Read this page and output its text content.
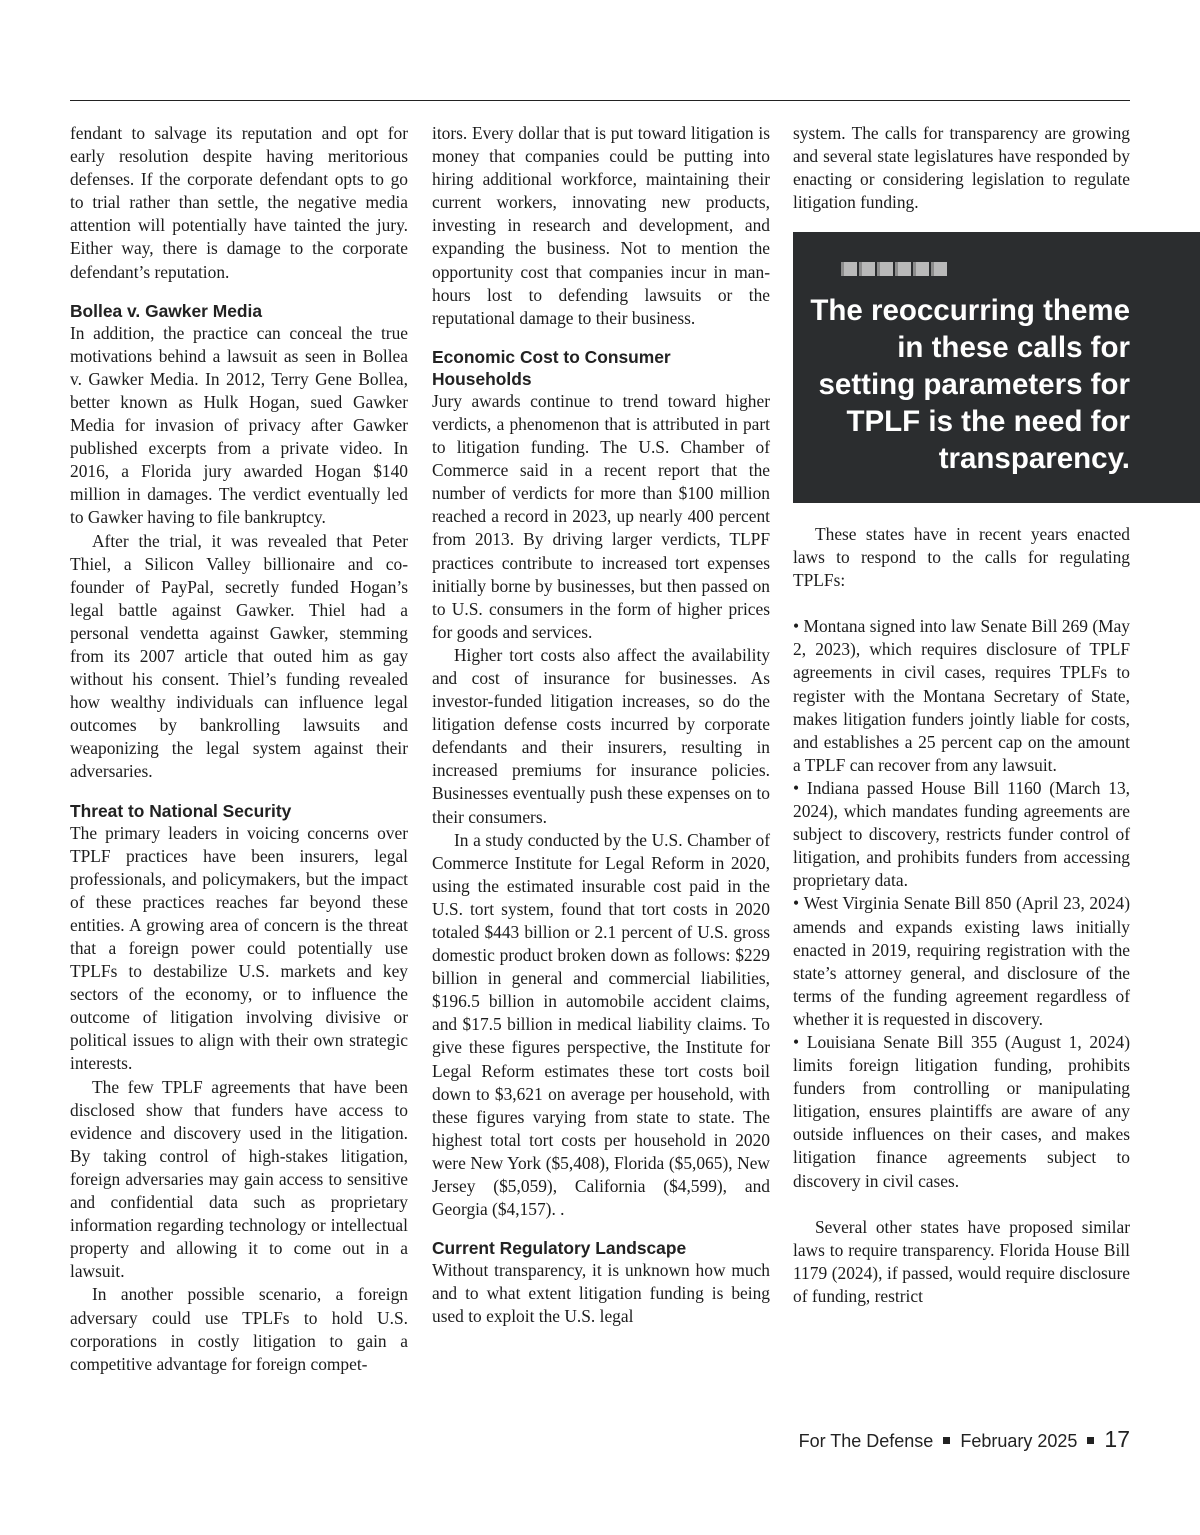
fendant to salvage its reputation and opt for early resolution despite having meritorious defenses. If the corporate defendant opts to go to trial rather than settle, the negative media attention will potentially have tainted the jury. Either way, there is damage to the corporate defendant’s reputation.

Bollea v. Gawker Media

In addition, the practice can conceal the true motivations behind a lawsuit as seen in Bollea v. Gawker Media. In 2012, Terry Gene Bollea, better known as Hulk Hogan, sued Gawker Media for invasion of privacy after Gawker published excerpts from a private video. In 2016, a Florida jury awarded Hogan $140 million in damages. The verdict eventually led to Gawker having to file bankruptcy.

After the trial, it was revealed that Peter Thiel, a Silicon Valley billionaire and co-founder of PayPal, secretly funded Hogan’s legal battle against Gawker. Thiel had a personal vendetta against Gawker, stemming from its 2007 article that outed him as gay without his consent. Thiel’s funding revealed how wealthy individuals can influence legal outcomes by bankrolling lawsuits and weaponizing the legal system against their adversaries.

Threat to National Security

The primary leaders in voicing concerns over TPLF practices have been insurers, legal professionals, and policymakers, but the impact of these practices reaches far beyond these entities. A growing area of concern is the threat that a foreign power could potentially use TPLFs to destabilize U.S. markets and key sectors of the economy, or to influence the outcome of litigation involving divisive or political issues to align with their own strategic interests.

The few TPLF agreements that have been disclosed show that funders have access to evidence and discovery used in the litigation. By taking control of high-stakes litigation, foreign adversaries may gain access to sensitive and confidential data such as proprietary information regarding technology or intellectual property and allowing it to come out in a lawsuit.

In another possible scenario, a foreign adversary could use TPLFs to hold U.S. corporations in costly litigation to gain a competitive advantage for foreign compet-

itors. Every dollar that is put toward litigation is money that companies could be putting into hiring additional workforce, maintaining their current workers, innovating new products, investing in research and development, and expanding the business. Not to mention the opportunity cost that companies incur in man-hours lost to defending lawsuits or the reputational damage to their business.

Economic Cost to Consumer Households

Jury awards continue to trend toward higher verdicts, a phenomenon that is attributed in part to litigation funding. The U.S. Chamber of Commerce said in a recent report that the number of verdicts for more than $100 million reached a record in 2023, up nearly 400 percent from 2013. By driving larger verdicts, TLPF practices contribute to increased tort expenses initially borne by businesses, but then passed on to U.S. consumers in the form of higher prices for goods and services.

Higher tort costs also affect the availability and cost of insurance for businesses. As investor-funded litigation increases, so do the litigation defense costs incurred by corporate defendants and their insurers, resulting in increased premiums for insurance policies. Businesses eventually push these expenses on to their consumers.

In a study conducted by the U.S. Chamber of Commerce Institute for Legal Reform in 2020, using the estimated insurable cost paid in the U.S. tort system, found that tort costs in 2020 totaled $443 billion or 2.1 percent of U.S. gross domestic product broken down as follows: $229 billion in general and commercial liabilities, $196.5 billion in automobile accident claims, and $17.5 billion in medical liability claims. To give these figures perspective, the Institute for Legal Reform estimates these tort costs boil down to $3,621 on average per household, with these figures varying from state to state. The highest total tort costs per household in 2020 were New York ($5,408), Florida ($5,065), New Jersey ($5,059), California ($4,599), and Georgia ($4,157). .

Current Regulatory Landscape

Without transparency, it is unknown how much and to what extent litigation funding is being used to exploit the U.S. legal

system. The calls for transparency are growing and several state legislatures have responded by enacting or considering legislation to regulate litigation funding.

The reoccurring theme in these calls for setting parameters for TPLF is the need for transparency.

These states have in recent years enacted laws to respond to the calls for regulating TPLFs:

• Montana signed into law Senate Bill 269 (May 2, 2023), which requires disclosure of TPLF agreements in civil cases, requires TPLFs to register with the Montana Secretary of State, makes litigation funders jointly liable for costs, and establishes a 25 percent cap on the amount a TPLF can recover from any lawsuit.
• Indiana passed House Bill 1160 (March 13, 2024), which mandates funding agreements are subject to discovery, restricts funder control of litigation, and prohibits funders from accessing proprietary data.
• West Virginia Senate Bill 850 (April 23, 2024) amends and expands existing laws initially enacted in 2019, requiring registration with the state’s attorney general, and disclosure of the terms of the funding agreement regardless of whether it is requested in discovery.
• Louisiana Senate Bill 355 (August 1, 2024) limits foreign litigation funding, prohibits funders from controlling or manipulating litigation, ensures plaintiffs are aware of any outside influences on their cases, and makes litigation finance agreements subject to discovery in civil cases.

Several other states have proposed similar laws to require transparency. Florida House Bill 1179 (2024), if passed, would require disclosure of funding, restrict

For The Defense February 2025 17
